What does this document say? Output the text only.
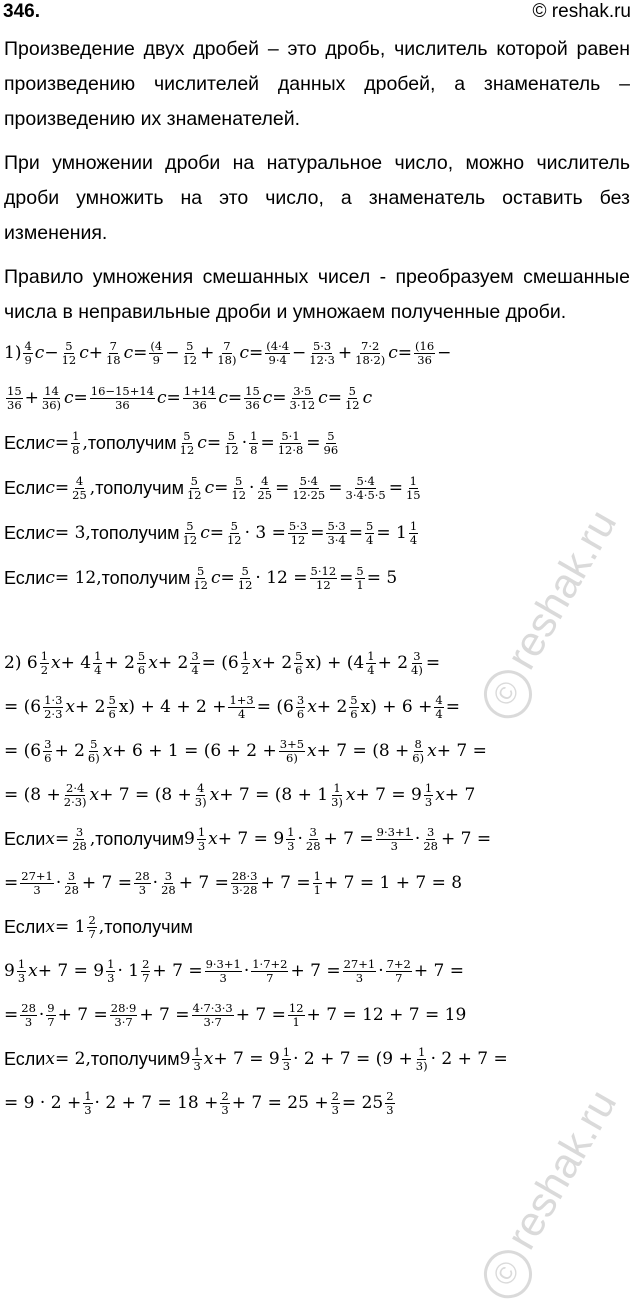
346.	© reshak.ru
Произведение двух дробей – это дробь, числитель которой равен произведению числителей данных дробей, а знаменатель – произведению их знаменателей.
При умножении дроби на натуральное число, можно числитель дроби умножить на это число, а знаменатель оставить без изменения.
Правило умножения смешанных чисел - преобразуем смешанные числа в неправильные дроби и умножаем полученные дроби.
$1) \frac{4}{9}$ $c - \frac{5}{12}$ $c + \frac{7}{18}$ $c = \frac{(4}{9} - \frac{5}{12} + \frac{7}{18)}$ $c = \frac{(4\cdot 4}{9\cdot 4} - \frac{5\cdot 3}{12\cdot 3} + \frac{7\cdot 2}{18\cdot 2)}$ $c = \frac{(16}{36}$ −
$\frac{15}{36} + \frac{14}{36)}$ $c = \frac{16-15+14}{36}$ $c = \frac{1+14}{36}$ $c = \frac{15}{36}$ $c = \frac{3\cdot 5}{3\cdot 12}$ $c = \frac{5}{12}$ c
Если $c = \frac{1}{8}$ , то получим $\frac{5}{12}$ $c = \frac{5}{12} \cdot \frac{1}{8} = \frac{5\cdot 1}{12\cdot 8} = \frac{5}{96}$
Если $c = \frac{4}{25}$ , то получим $\frac{5}{12}$ $c = \frac{5}{12} \cdot \frac{4}{25} = \frac{5\cdot 4}{12\cdot 25} = \frac{5\cdot 4}{3\cdot 4\cdot 5\cdot 5} = \frac{1}{15}$
Если c = 3, то получим $\frac{5}{12}$ $c = \frac{5}{12} \cdot 3 = \frac{5\cdot 3}{12} = \frac{5\cdot 3}{3\cdot 4} = \frac{5}{4} = 1 \frac{1}{4}$
Если c = 12, то получим $\frac{5}{12}$ $c = \frac{5}{12} \cdot 12 = \frac{5\cdot 12}{12} = \frac{5}{1} = 5$
2) $6 \frac{1}{2}$ $x + 4 \frac{1}{4} + 2 \frac{5}{6}$ $x + 2 \frac{3}{4} = (6 \frac{1}{2}$ $x + 2 \frac{5}{6} x) + (4 \frac{1}{4} + 2 \frac{3}{4)}$ =
= ($6 \frac{1\cdot 3}{2\cdot 3}$ $x + 2 \frac{5}{6} x) + 4 + 2 + \frac{1+3}{4} = (6 \frac{3}{6}$ $x + 2 \frac{5}{6} x) + 6 + \frac{4}{4}$ =
= ($6 \frac{3}{6} + 2 \frac{5}{6)}$ $x + 6 + 1 = (6 + 2 + \frac{3+5}{6)}$ $x + 7 = (8 + \frac{8}{6)}$ x + 7 =
= ($8 + \frac{2\cdot 4}{2\cdot 3)}$ $x + 7 = (8 + \frac{4}{3)}$ $x + 7 = (8 + 1 \frac{1}{3)}$ $x + 7 = 9 \frac{1}{3}$ x + 7
Если $x = \frac{3}{28}$ , то получим $9 \frac{1}{3}$ $x + 7 = 9 \frac{1}{3} \cdot \frac{3}{28} + 7 = \frac{9\cdot 3+1}{3} \cdot \frac{3}{28} + 7$ =
= $\frac{27+1}{3} \cdot \frac{3}{28} + 7 = \frac{28}{3} \cdot \frac{3}{28} + 7 = \frac{28\cdot 3}{3\cdot 28} + 7 = \frac{1}{1} + 7 = 1 + 7 = 8$
Если $x = 1 \frac{2}{7}$ , то получим
$9 \frac{1}{3}$ $x + 7 = 9 \frac{1}{3} \cdot 1 \frac{2}{7} + 7 = \frac{9\cdot 3+1}{3} \cdot \frac{1\cdot 7+2}{7} + 7 = \frac{27+1}{3} \cdot \frac{7+2}{7} + 7$ =
= $\frac{28}{3} \cdot \frac{9}{7} + 7 = \frac{28\cdot 9}{3\cdot 7} + 7 = \frac{4\cdot 7\cdot 3\cdot 3}{3\cdot 7} + 7 = \frac{12}{1} + 7 = 12 + 7 = 19$
Если x = 2, то получим $9 \frac{1}{3}$ $x + 7 = 9 \frac{1}{3} \cdot 2 + 7 = (9 + \frac{1}{3)} \cdot 2 + 7$ =
= $9 \cdot 2 + \frac{1}{3} \cdot 2 + 7 = 18 + \frac{2}{3} + 7 = 25 + \frac{2}{3} = 25 \frac{2}{3}$
©reshak.ru
©reshak.ru
